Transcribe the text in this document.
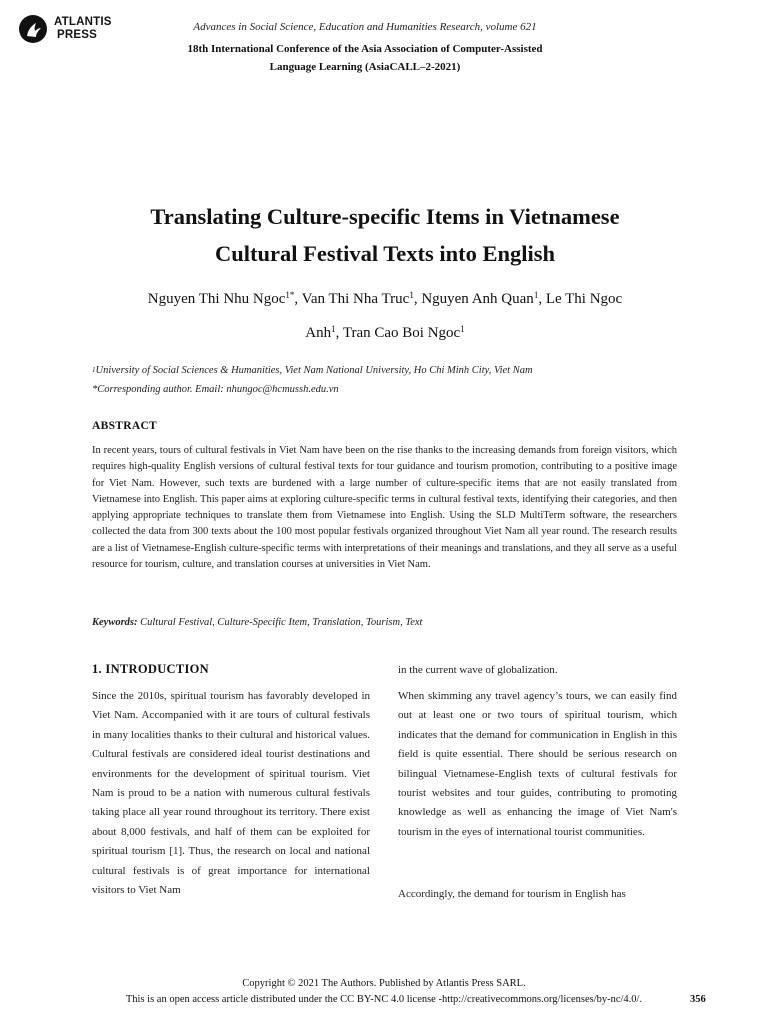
ATLANTIS
PRESS
Advances in Social Science, Education and Humanities Research, volume 621
18th International Conference of the Asia Association of Computer-Assisted
Language Learning (AsiaCALL–2-2021)
Translating Culture-specific Items in Vietnamese
Cultural Festival Texts into English
Nguyen Thi Nhu Ngoc$^{1*}$, Van Thi Nha Truc$^1$, Nguyen Anh Quan$^1$, Le Thi Ngoc
Anh$^1$, Tran Cao Boi Ngoc$^1$
$^1$University of Social Sciences & Humanities, Viet Nam National University, Ho Chi Minh City, Viet Nam
*Corresponding author. Email: nhungoc@hcmussh.edu.vn
ABSTRACT
In recent years, tours of cultural festivals in Viet Nam have been on the rise thanks to the increasing demands from foreign visitors, which requires high-quality English versions of cultural festival texts for tour guidance and tourism promotion, contributing to a positive image for Viet Nam. However, such texts are burdened with a large number of culture-specific items that are not easily translated from Vietnamese into English. This paper aims at exploring culture-specific terms in cultural festival texts, identifying their categories, and then applying appropriate techniques to translate them from Vietnamese into English. Using the SLD MultiTerm software, the researchers collected the data from 300 texts about the 100 most popular festivals organized throughout Viet Nam all year round. The research results are a list of Vietnamese-English culture-specific terms with interpretations of their meanings and translations, and they all serve as a useful resource for tourism, culture, and translation courses at universities in Viet Nam.
Keywords: Cultural Festival, Culture-Specific Item, Translation, Tourism, Text
1. INTRODUCTION
Since the 2010s, spiritual tourism has favorably developed in Viet Nam. Accompanied with it are tours of cultural festivals in many localities thanks to their cultural and historical values. Cultural festivals are considered ideal tourist destinations and environments for the development of spiritual tourism. Viet Nam is proud to be a nation with numerous cultural festivals taking place all year round throughout its territory. There exist about 8,000 festivals, and half of them can be exploited for spiritual tourism [1]. Thus, the research on local and national cultural festivals is of great importance for international visitors to Viet Nam
in the current wave of globalization.
When skimming any travel agency’s tours, we can easily find out at least one or two tours of spiritual tourism, which indicates that the demand for communication in English in this field is quite essential. There should be serious research on bilingual Vietnamese-English texts of cultural festivals for tourist websites and tour guides, contributing to promoting knowledge as well as enhancing the image of Viet Nam's tourism in the eyes of international tourist communities.
Accordingly, the demand for tourism in English has
Copyright © 2021 The Authors. Published by Atlantis Press SARL.
This is an open access article distributed under the CC BY-NC 4.0 license -http://creativecommons.org/licenses/by-nc/4.0/.	356
